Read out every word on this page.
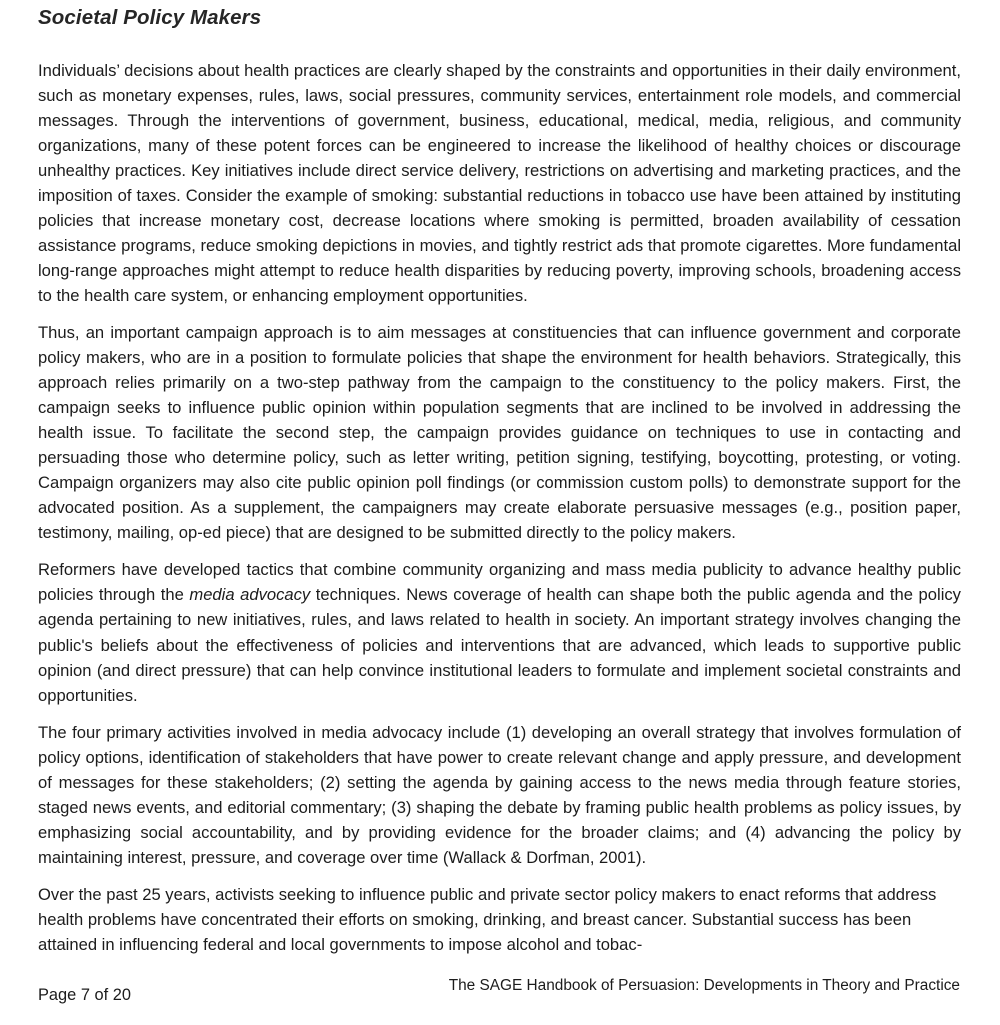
Societal Policy Makers

Individuals’ decisions about health practices are clearly shaped by the constraints and opportunities in their daily environment, such as monetary expenses, rules, laws, social pressures, community services, entertainment role models, and commercial messages. Through the interventions of government, business, educational, medical, media, religious, and community organizations, many of these potent forces can be engineered to increase the likelihood of healthy choices or discourage unhealthy practices. Key initiatives include direct service delivery, restrictions on advertising and marketing practices, and the imposition of taxes. Consider the example of smoking: substantial reductions in tobacco use have been attained by instituting policies that increase monetary cost, decrease locations where smoking is permitted, broaden availability of cessation assistance programs, reduce smoking depictions in movies, and tightly restrict ads that promote cigarettes. More fundamental long-range approaches might attempt to reduce health disparities by reducing poverty, improving schools, broadening access to the health care system, or enhancing employment opportunities.

Thus, an important campaign approach is to aim messages at constituencies that can influence government and corporate policy makers, who are in a position to formulate policies that shape the environment for health behaviors. Strategically, this approach relies primarily on a two-step pathway from the campaign to the constituency to the policy makers. First, the campaign seeks to influence public opinion within population segments that are inclined to be involved in addressing the health issue. To facilitate the second step, the campaign provides guidance on techniques to use in contacting and persuading those who determine policy, such as letter writing, petition signing, testifying, boycotting, protesting, or voting. Campaign organizers may also cite public opinion poll findings (or commission custom polls) to demonstrate support for the advocated position. As a supplement, the campaigners may create elaborate persuasive messages (e.g., position paper, testimony, mailing, op-ed piece) that are designed to be submitted directly to the policy makers.

Reformers have developed tactics that combine community organizing and mass media publicity to advance healthy public policies through the media advocacy techniques. News coverage of health can shape both the public agenda and the policy agenda pertaining to new initiatives, rules, and laws related to health in society. An important strategy involves changing the public's beliefs about the effectiveness of policies and interventions that are advanced, which leads to supportive public opinion (and direct pressure) that can help convince institutional leaders to formulate and implement societal constraints and opportunities.

The four primary activities involved in media advocacy include (1) developing an overall strategy that involves formulation of policy options, identification of stakeholders that have power to create relevant change and apply pressure, and development of messages for these stakeholders; (2) setting the agenda by gaining access to the news media through feature stories, staged news events, and editorial commentary; (3) shaping the debate by framing public health problems as policy issues, by emphasizing social accountability, and by providing evidence for the broader claims; and (4) advancing the policy by maintaining interest, pressure, and coverage over time (Wallack & Dorfman, 2001).

Over the past 25 years, activists seeking to influence public and private sector policy makers to enact reforms that address health problems have concentrated their efforts on smoking, drinking, and breast cancer. Substantial success has been attained in influencing federal and local governments to impose alcohol and tobac-

Page 7 of 20
The SAGE Handbook of Persuasion: Developments in Theory and Practice
